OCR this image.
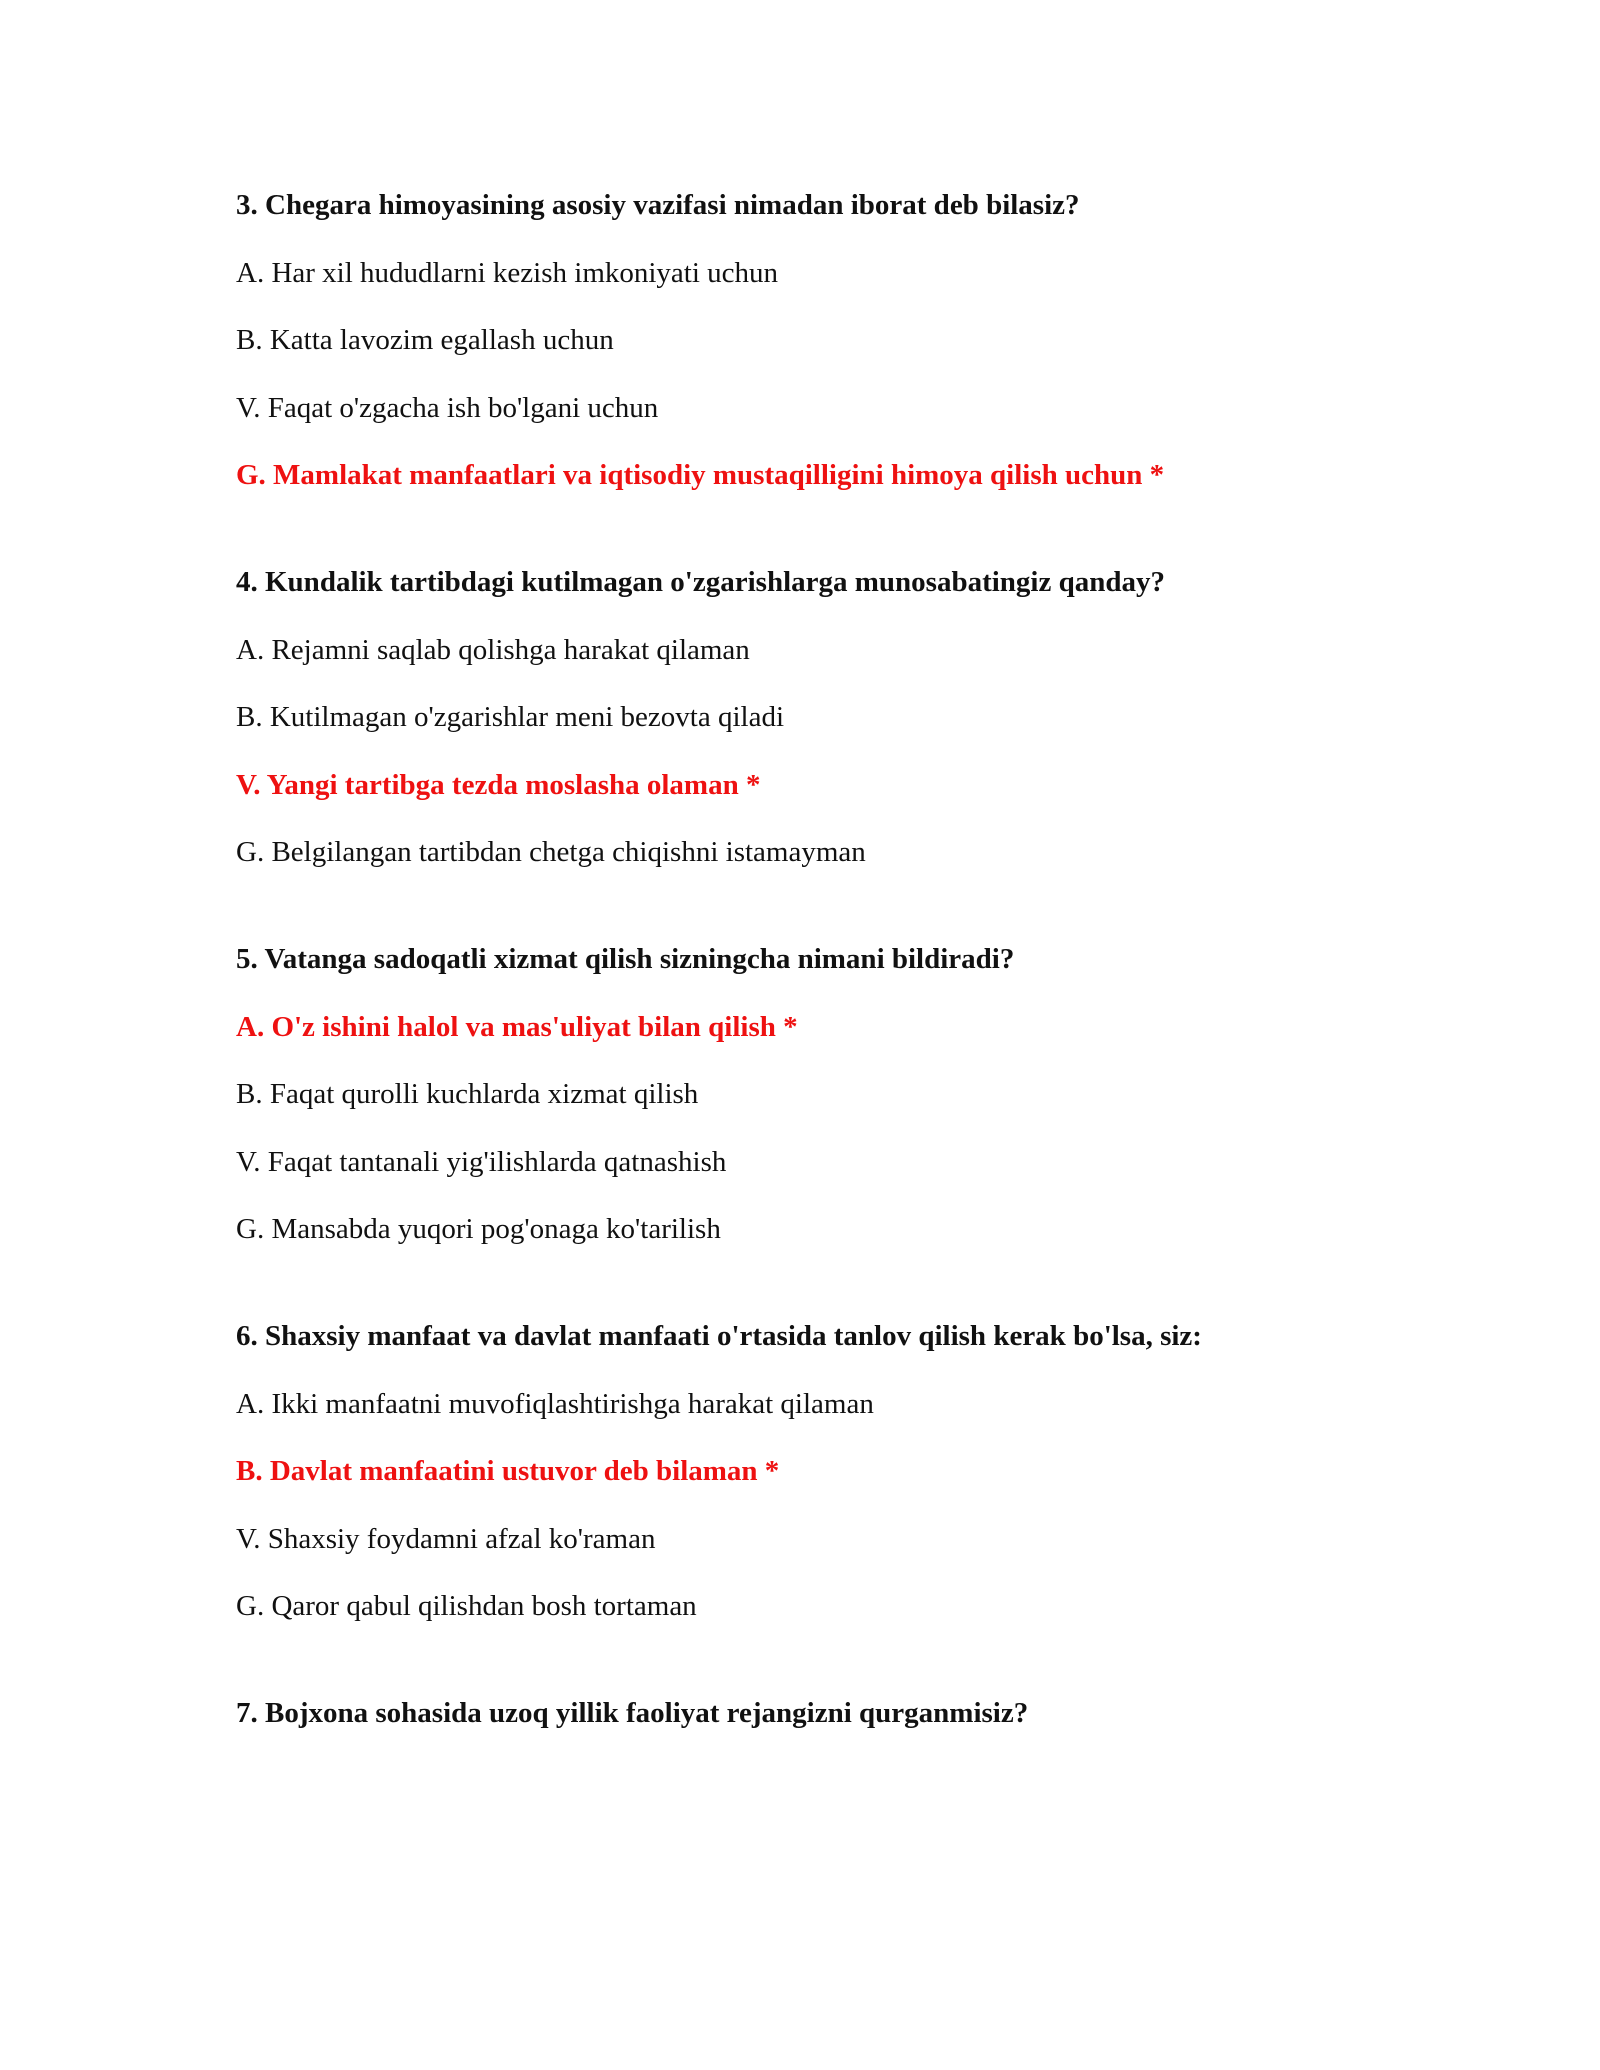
3. Chegara himoyasining asosiy vazifasi nimadan iborat deb bilasiz?

A. Har xil hududlarni kezish imkoniyati uchun

B. Katta lavozim egallash uchun

V. Faqat o'zgacha ish bo'lgani uchun

G. Mamlakat manfaatlari va iqtisodiy mustaqilligini himoya qilish uchun *

4. Kundalik tartibdagi kutilmagan o'zgarishlarga munosabatingiz qanday?

A. Rejamni saqlab qolishga harakat qilaman

B. Kutilmagan o'zgarishlar meni bezovta qiladi

V. Yangi tartibga tezda moslasha olaman *

G. Belgilangan tartibdan chetga chiqishni istamayman

5. Vatanga sadoqatli xizmat qilish sizningcha nimani bildiradi?

A. O'z ishini halol va mas'uliyat bilan qilish *

B. Faqat qurolli kuchlarda xizmat qilish

V. Faqat tantanali yig'ilishlarda qatnashish

G. Mansabda yuqori pog'onaga ko'tarilish

6. Shaxsiy manfaat va davlat manfaati o'rtasida tanlov qilish kerak bo'lsa, siz:

A. Ikki manfaatni muvofiqlashtirishga harakat qilaman

B. Davlat manfaatini ustuvor deb bilaman *

V. Shaxsiy foydamni afzal ko'raman

G. Qaror qabul qilishdan bosh tortaman

7. Bojxona sohasida uzoq yillik faoliyat rejangizni qurganmisiz?
